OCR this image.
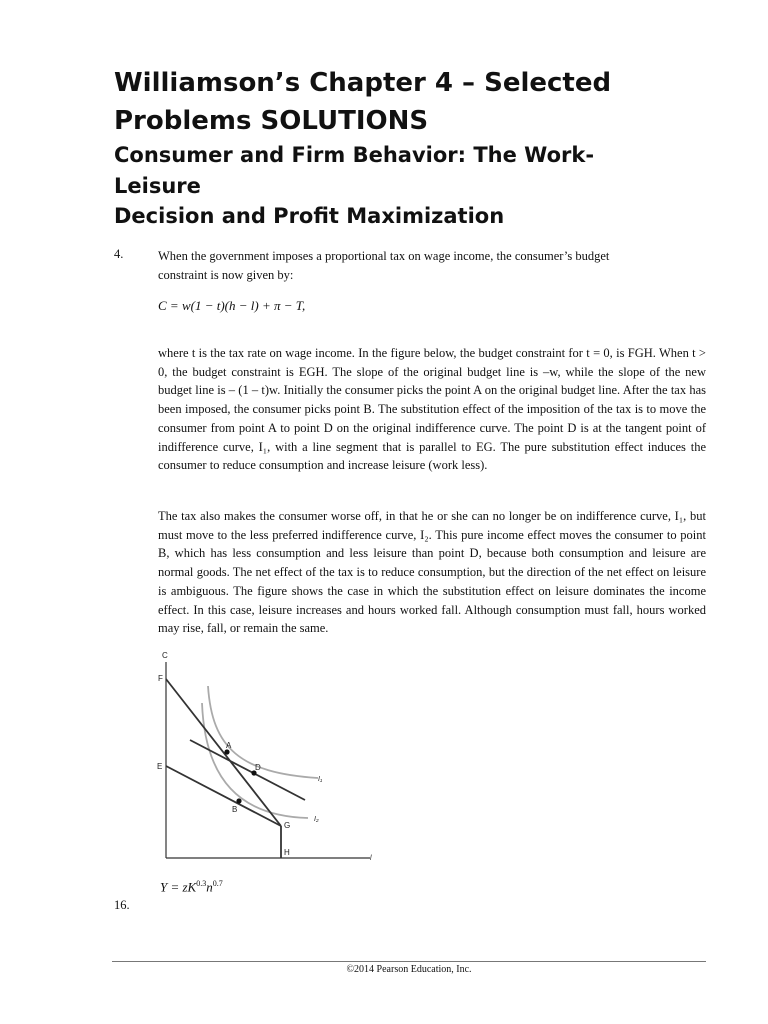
Williamson’s Chapter 4 – Selected
Problems SOLUTIONS
Consumer and Firm Behavior: The Work-
Leisure
Decision and Profit Maximization
4.	When the government imposes a proportional tax on wage income, the consumer’s budget
constraint is now given by:

C = w(1 − t)(h − l) + π − T,

where t is the tax rate on wage income. In the figure below, the budget constraint for t = 0, is FGH. When t > 0, the budget constraint is EGH. The slope of the original budget line is –w, while the slope of the new budget line is – (1 – t)w. Initially the consumer picks the point A on the original budget line. After the tax has been imposed, the consumer picks point B. The substitution effect of the imposition of the tax is to move the consumer from point A to point D on the original indifference curve. The point D is at the tangent point of indifference curve, I₁, with a line segment that is parallel to EG. The pure substitution effect induces the consumer to reduce consumption and increase leisure (work less).

The tax also makes the consumer worse off, in that he or she can no longer be on indifference curve, I₁, but must move to the less preferred indifference curve, I₂. This pure income effect moves the consumer to point B, which has less consumption and less leisure than point D, because both consumption and leisure are normal goods. The net effect of the tax is to reduce consumption, but the direction of the net effect on leisure is ambiguous. The figure shows the case in which the substitution effect on leisure dominates the income effect. In this case, leisure increases and hours worked fall. Although consumption must fall, hours worked may rise, fall, or remain the same.

C
l
F
E
A
D
B
G
H
I₁
I₂
$Y = zK^{0.3}n^{0.7}$
16.
©2014 Pearson Education, Inc.
